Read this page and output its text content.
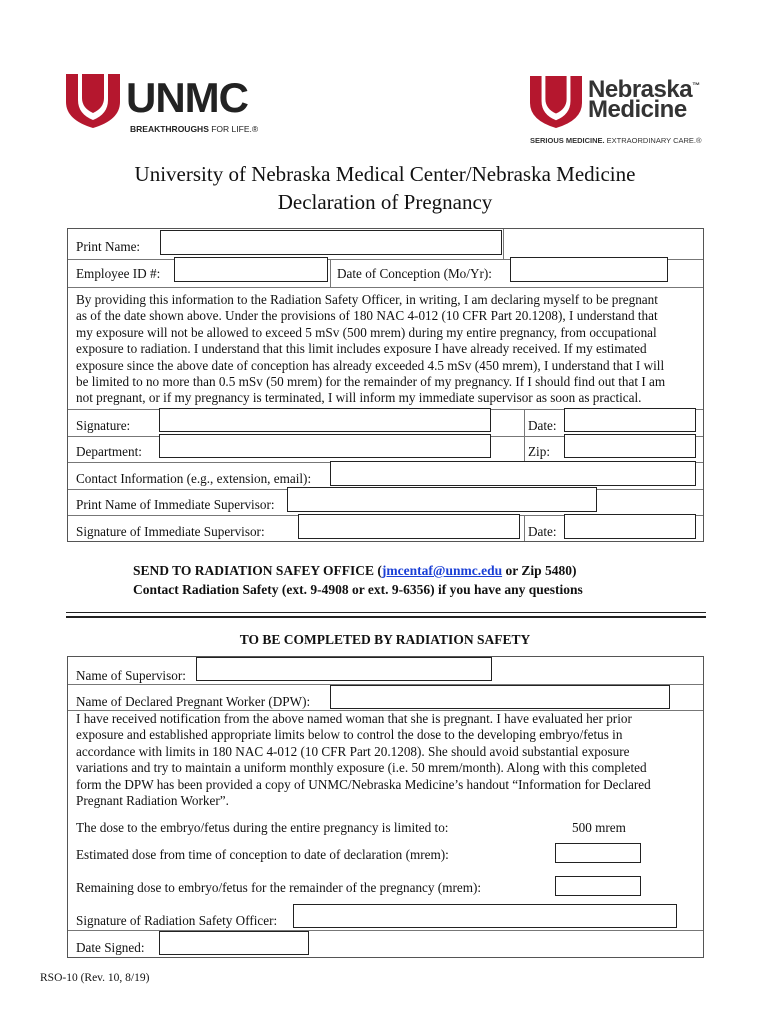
UNMC
BREAKTHROUGHS FOR LIFE.®
Nebraska™
Medicine
SERIOUS MEDICINE. EXTRAORDINARY CARE.®
University of Nebraska Medical Center/Nebraska Medicine
Declaration of Pregnancy
Print Name:
Employee ID #:	Date of Conception (Mo/Yr):
By providing this information to the Radiation Safety Officer, in writing, I am declaring myself to be pregnant
as of the date shown above. Under the provisions of 180 NAC 4-012 (10 CFR Part 20.1208), I understand that
my exposure will not be allowed to exceed 5 mSv (500 mrem) during my entire pregnancy, from occupational
exposure to radiation. I understand that this limit includes exposure I have already received. If my estimated
exposure since the above date of conception has already exceeded 4.5 mSv (450 mrem), I understand that I will
be limited to no more than 0.5 mSv (50 mrem) for the remainder of my pregnancy. If I should find out that I am
not pregnant, or if my pregnancy is terminated, I will inform my immediate supervisor as soon as practical.
Signature:	Date:
Department:	Zip:
Contact Information (e.g., extension, email):
Print Name of Immediate Supervisor:
Signature of Immediate Supervisor:	Date:
SEND TO RADIATION SAFEY OFFICE (jmcentaf@unmc.edu or Zip 5480)
Contact Radiation Safety (ext. 9-4908 or ext. 9-6356) if you have any questions
TO BE COMPLETED BY RADIATION SAFETY
Name of Supervisor:
Name of Declared Pregnant Worker (DPW):
I have received notification from the above named woman that she is pregnant. I have evaluated her prior
exposure and established appropriate limits below to control the dose to the developing embryo/fetus in
accordance with limits in 180 NAC 4-012 (10 CFR Part 20.1208). She should avoid substantial exposure
variations and try to maintain a uniform monthly exposure (i.e. 50 mrem/month). Along with this completed
form the DPW has been provided a copy of UNMC/Nebraska Medicine’s handout “Information for Declared
Pregnant Radiation Worker”.
The dose to the embryo/fetus during the entire pregnancy is limited to:	500 mrem
Estimated dose from time of conception to date of declaration (mrem):
Remaining dose to embryo/fetus for the remainder of the pregnancy (mrem):
Signature of Radiation Safety Officer:
Date Signed:
RSO-10 (Rev. 10, 8/19)
